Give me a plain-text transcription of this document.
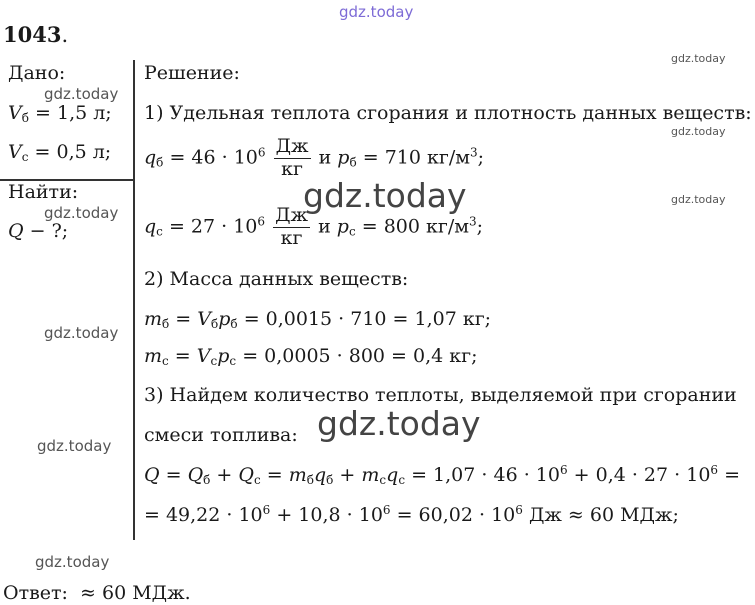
gdz.today
gdz.today
gdz.today
gdz.today
gdz.today
gdz.today
gdz.today
gdz.today
gdz.today
gdz.today
gdz.today
1043.
Дано:
$V_б = 1,5$ л;
$V_с = 0,5$ л;
Найти:
Q − ?;
Решение:
1) Удельная теплота сгорания и плотность данных веществ:
$q_б = 46 \cdot 10^6 \frac{Дж}{кг}$ и $p_б = 710$ $кг/м^3$;
$q_с = 27 \cdot 10^6 \frac{Дж}{кг}$ и $p_с = 800$ $кг/м^3$;
2) Масса данных веществ:
$m_б = V_бp_б = 0,0015 \cdot 710 = 1,07$ кг;
$m_с = V_сp_с = 0,0005 \cdot 800 = 0,4$ кг;
3) Найдем количество теплоты, выделяемой при сгорании
смеси топлива:
$Q = Q_б + Q_с = m_бq_б + m_сq_с = 1,07 \cdot 46 \cdot 10^6 + 0,4 \cdot 27 \cdot 10^6$ =
= $49,22 \cdot 10^6 + 10,8 \cdot 10^6 = 60,02 \cdot 10^6$ Дж ≈ 60 МДж;
Ответ: ≈ 60 МДж.
